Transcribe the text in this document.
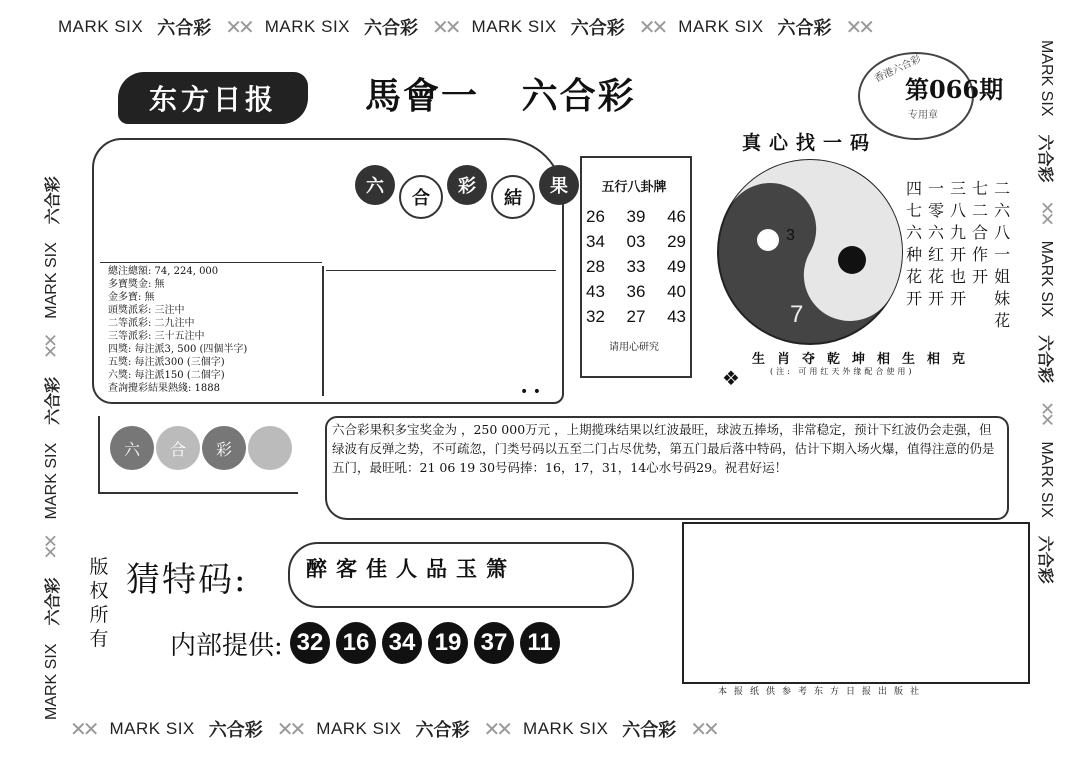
MARK SIX 六合彩 ✕✕ MARK SIX 六合彩 ✕✕ MARK SIX 六合彩 ✕✕ MARK SIX 六合彩 ✕✕
✕✕ MARK SIX 六合彩 ✕✕ MARK SIX 六合彩 ✕✕ MARK SIX 六合彩 ✕✕
MARK SIX
六合彩
✕✕
MARK SIX
六合彩
✕✕
MARK SIX
六合彩
MARK SIX
六合彩
✕✕
MARK SIX
六合彩
✕✕
MARK SIX
六合彩
东方日报	馬會一 六合彩
香港六合彩
第066期
专用章
六
合
彩
結
果
總注總額: 74, 224, 000
多寶獎金: 無
金多寶: 無
頭獎派彩: 三注中
二等派彩: 二九注中
三等派彩: 三十五注中
四獎: 每注派3, 500 (四個半字)
五獎: 每注派300 (三個字)
六獎: 每注派150 (二個字)
查詢攪彩結果熱綫: 1888	• •
五行八卦牌
26 39 46
34 03 29
28 33 49
43 36 40
32 27 43
请用心研究
真心找一码
3
7
四
七
六
种
花
开
一
零
六
红
花
开
三
八
九
开
也
开
七
二
合
作
开
二
六
八
一
姐
妹
花
生肖夺乾坤相生相克
(注: 可用红天外缘配合使用)
❖
六	合	彩
六合彩果积多宝奖金为 ，250 000万元 ，上期揽珠结果以红波最旺，球波五捧场，非常稳定，预计下红波仍会走强，但绿波有反弹之势，不可疏忽，门类号码以五至二门占尽优势，第五门最后落中特码，估计下期入场火爆，值得注意的仍是五门，最旺吼：21 06 19 30号码捧：16，17，31，14心水号码29。祝君好运！
版权所有
猜特码:	醉客佳人品玉箫
内部提供: 32 16 34 19 37 11
本报纸供参考东方日报出版社
